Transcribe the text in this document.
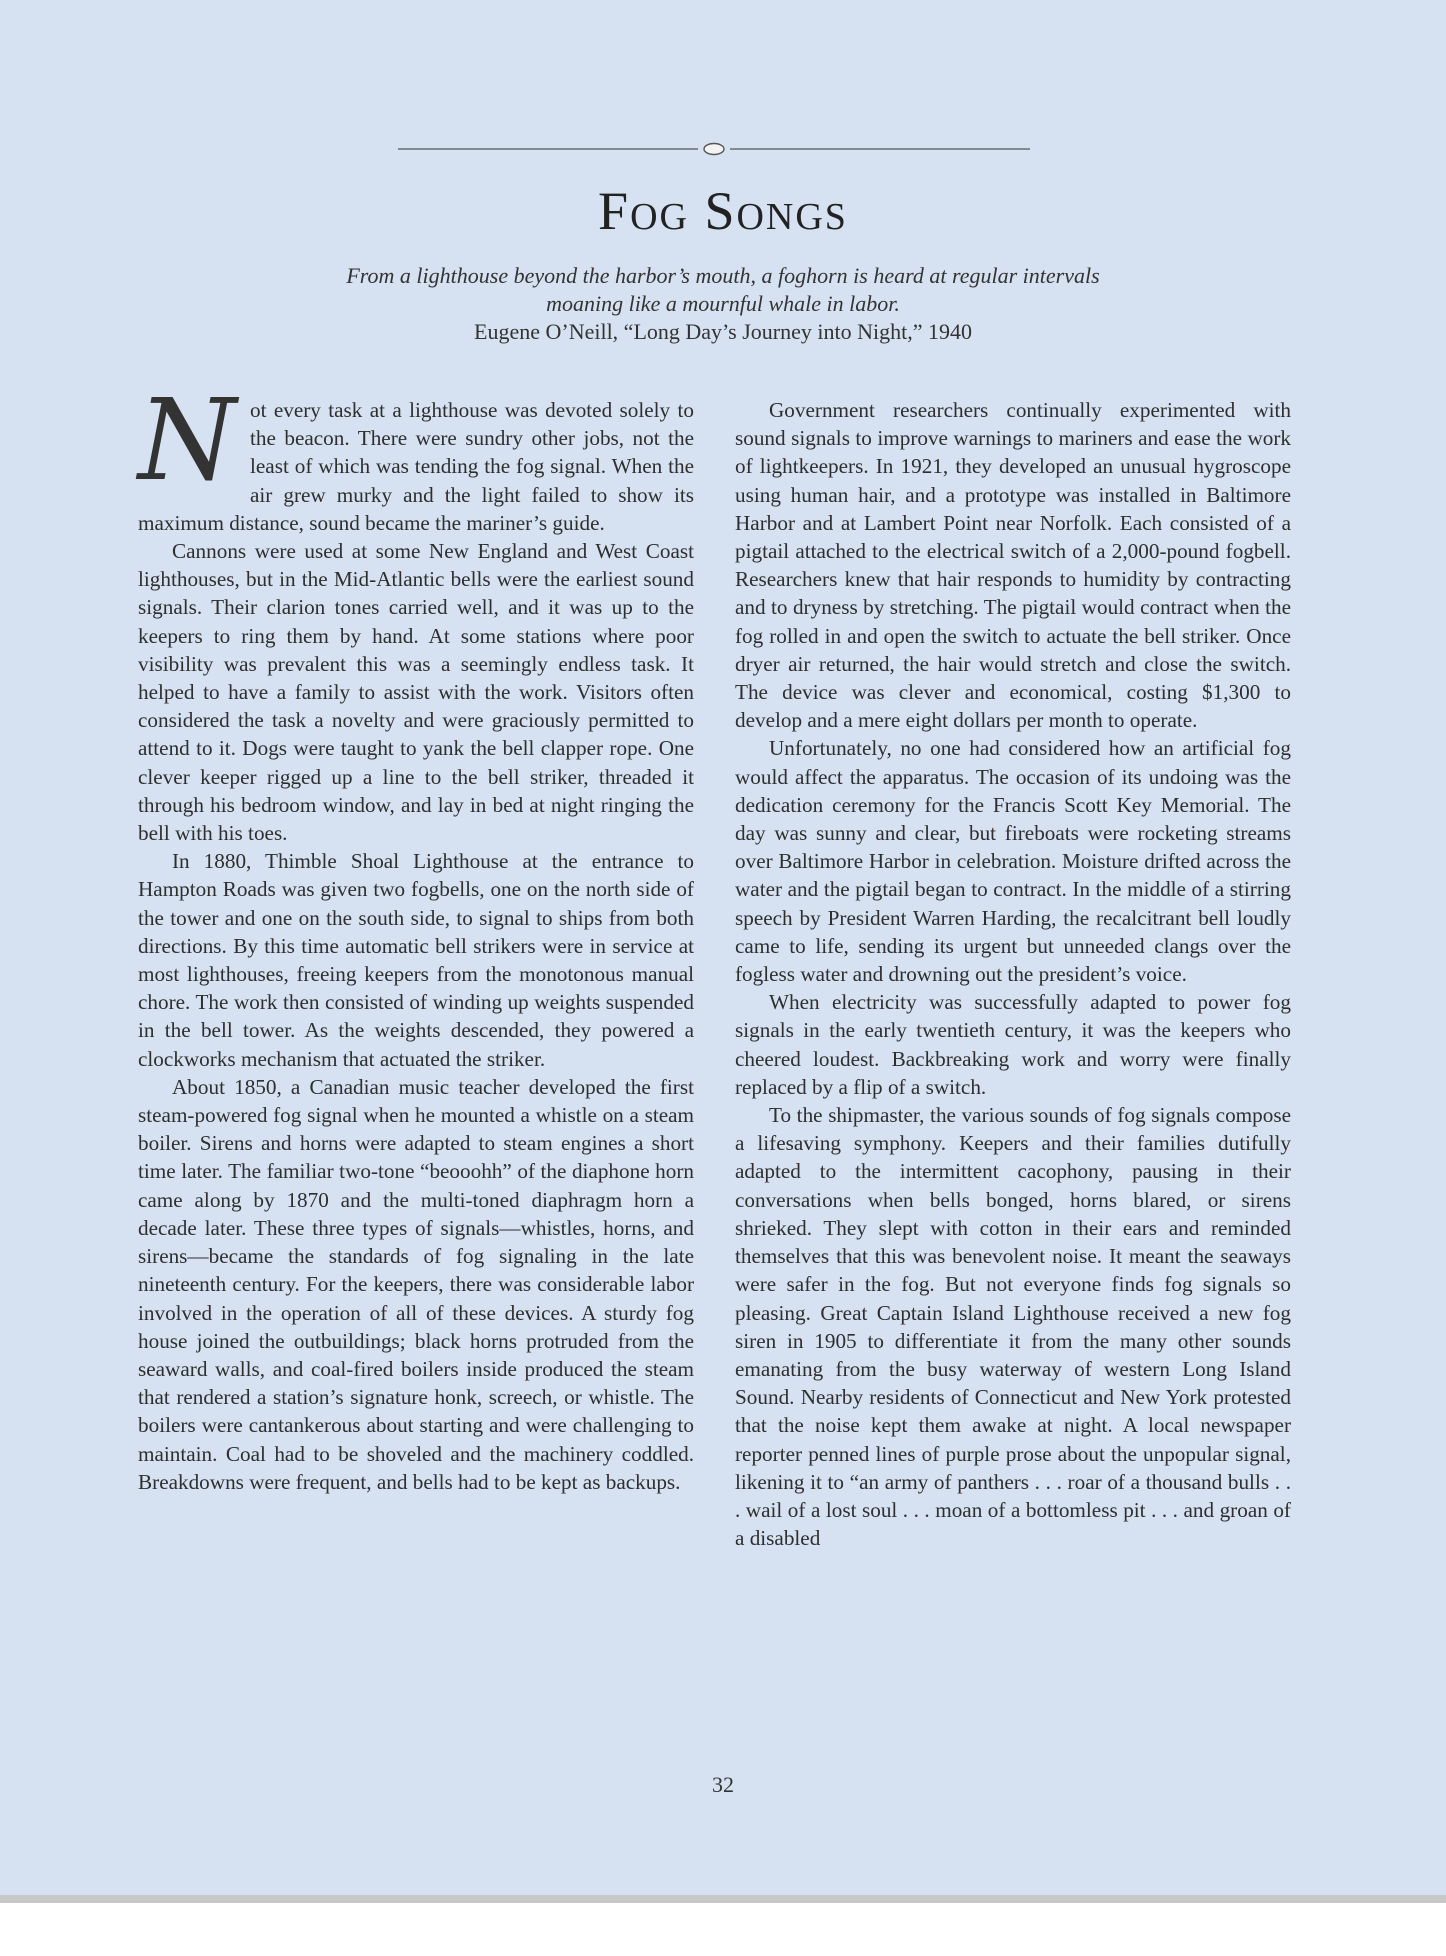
Fog Songs
From a lighthouse beyond the harbor’s mouth, a foghorn is heard at regular intervals moaning like a mournful whale in labor.
Eugene O’Neill, “Long Day’s Journey into Night,” 1940

Not every task at a lighthouse was devoted solely to the beacon. There were sundry other jobs, not the least of which was tending the fog signal. When the air grew murky and the light failed to show its maximum distance, sound became the mariner’s guide.

Cannons were used at some New England and West Coast lighthouses, but in the Mid-Atlantic bells were the earliest sound signals. Their clarion tones carried well, and it was up to the keepers to ring them by hand. At some stations where poor visibility was prevalent this was a seemingly endless task. It helped to have a family to assist with the work. Visitors often considered the task a novelty and were graciously permitted to attend to it. Dogs were taught to yank the bell clapper rope. One clever keeper rigged up a line to the bell striker, threaded it through his bedroom window, and lay in bed at night ringing the bell with his toes.

In 1880, Thimble Shoal Lighthouse at the entrance to Hampton Roads was given two fogbells, one on the north side of the tower and one on the south side, to signal to ships from both directions. By this time automatic bell strikers were in service at most lighthouses, freeing keepers from the monotonous manual chore. The work then consisted of winding up weights suspended in the bell tower. As the weights descended, they powered a clockworks mechanism that actuated the striker.

About 1850, a Canadian music teacher developed the first steam-powered fog signal when he mounted a whistle on a steam boiler. Sirens and horns were adapted to steam engines a short time later. The familiar two-tone “beooohh” of the diaphone horn came along by 1870 and the multi-toned diaphragm horn a decade later. These three types of signals—whistles, horns, and sirens—became the standards of fog signaling in the late nineteenth century. For the keepers, there was considerable labor involved in the operation of all of these devices. A sturdy fog house joined the outbuildings; black horns protruded from the seaward walls, and coal-fired boilers inside produced the steam that rendered a station’s signature honk, screech, or whistle. The boilers were cantankerous about starting and were challenging to maintain. Coal had to be shoveled and the machinery coddled. Breakdowns were frequent, and bells had to be kept as backups.

Government researchers continually experimented with sound signals to improve warnings to mariners and ease the work of lightkeepers. In 1921, they developed an unusual hygroscope using human hair, and a prototype was installed in Baltimore Harbor and at Lambert Point near Norfolk. Each consisted of a pigtail attached to the electrical switch of a 2,000-pound fogbell. Researchers knew that hair responds to humidity by contracting and to dryness by stretching. The pigtail would contract when the fog rolled in and open the switch to actuate the bell striker. Once dryer air returned, the hair would stretch and close the switch. The device was clever and economical, costing $1,300 to develop and a mere eight dollars per month to operate.

Unfortunately, no one had considered how an artificial fog would affect the apparatus. The occasion of its undoing was the dedication ceremony for the Francis Scott Key Memorial. The day was sunny and clear, but fireboats were rocketing streams over Baltimore Harbor in celebration. Moisture drifted across the water and the pigtail began to contract. In the middle of a stirring speech by President Warren Harding, the recalcitrant bell loudly came to life, sending its urgent but unneeded clangs over the fogless water and drowning out the president’s voice.

When electricity was successfully adapted to power fog signals in the early twentieth century, it was the keepers who cheered loudest. Backbreaking work and worry were finally replaced by a flip of a switch.

To the shipmaster, the various sounds of fog signals compose a lifesaving symphony. Keepers and their families dutifully adapted to the intermittent cacophony, pausing in their conversations when bells bonged, horns blared, or sirens shrieked. They slept with cotton in their ears and reminded themselves that this was benevolent noise. It meant the seaways were safer in the fog. But not everyone finds fog signals so pleasing. Great Captain Island Lighthouse received a new fog siren in 1905 to differentiate it from the many other sounds emanating from the busy waterway of western Long Island Sound. Nearby residents of Connecticut and New York protested that the noise kept them awake at night. A local newspaper reporter penned lines of purple prose about the unpopular signal, likening it to “an army of panthers . . . roar of a thousand bulls . . . wail of a lost soul . . . moan of a bottomless pit . . . and groan of a disabled

32
